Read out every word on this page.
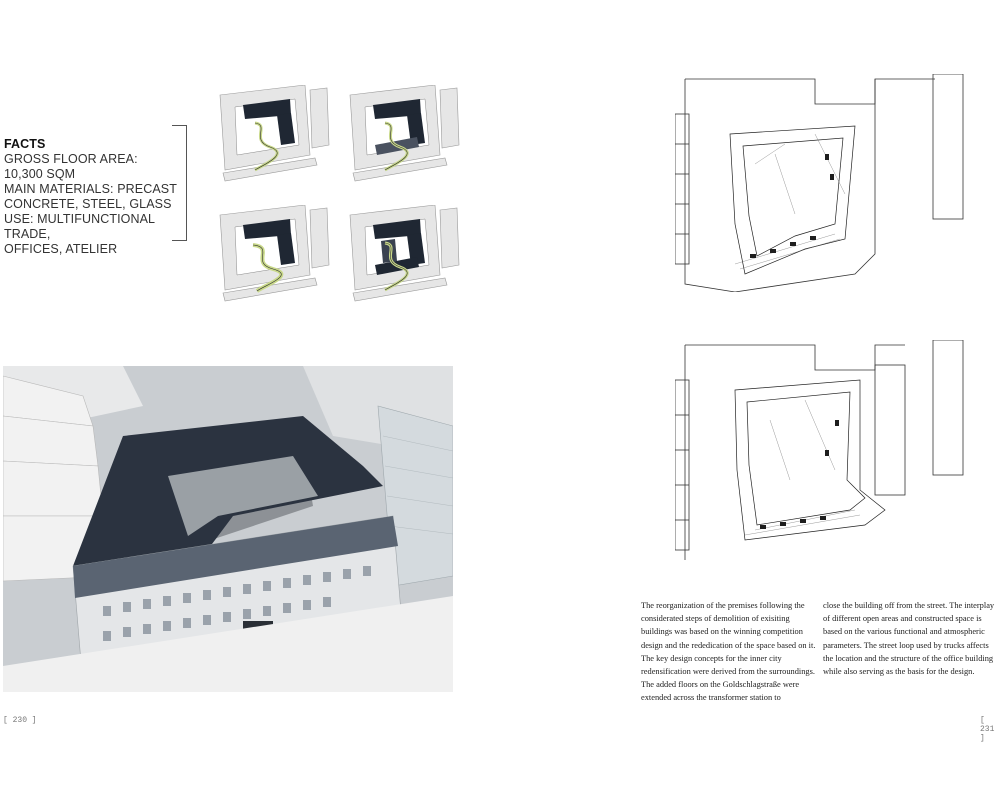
FACTS
GROSS FLOOR AREA: 10,300 SQM
MAIN MATERIALS: PRECAST
CONCRETE, STEEL, GLASS
USE: MULTIFUNCTIONAL TRADE,
OFFICES, ATELIER
The reorganization of the premises following the considerated steps of demolition of exisiting buildings was based on the winning competition design and the rededication of the space based on it. The key design concepts for the inner city redensification were derived from the surroundings. The added floors on the Goldschlagstraße were extended across the transformer station to
close the building off from the street. The interplay of different open areas and constructed space is based on the various functional and atmospheric parameters. The street loop used by trucks affects the location and the structure of the office building while also serving as the basis for the design.
[ 230 ]	[ 231 ]
